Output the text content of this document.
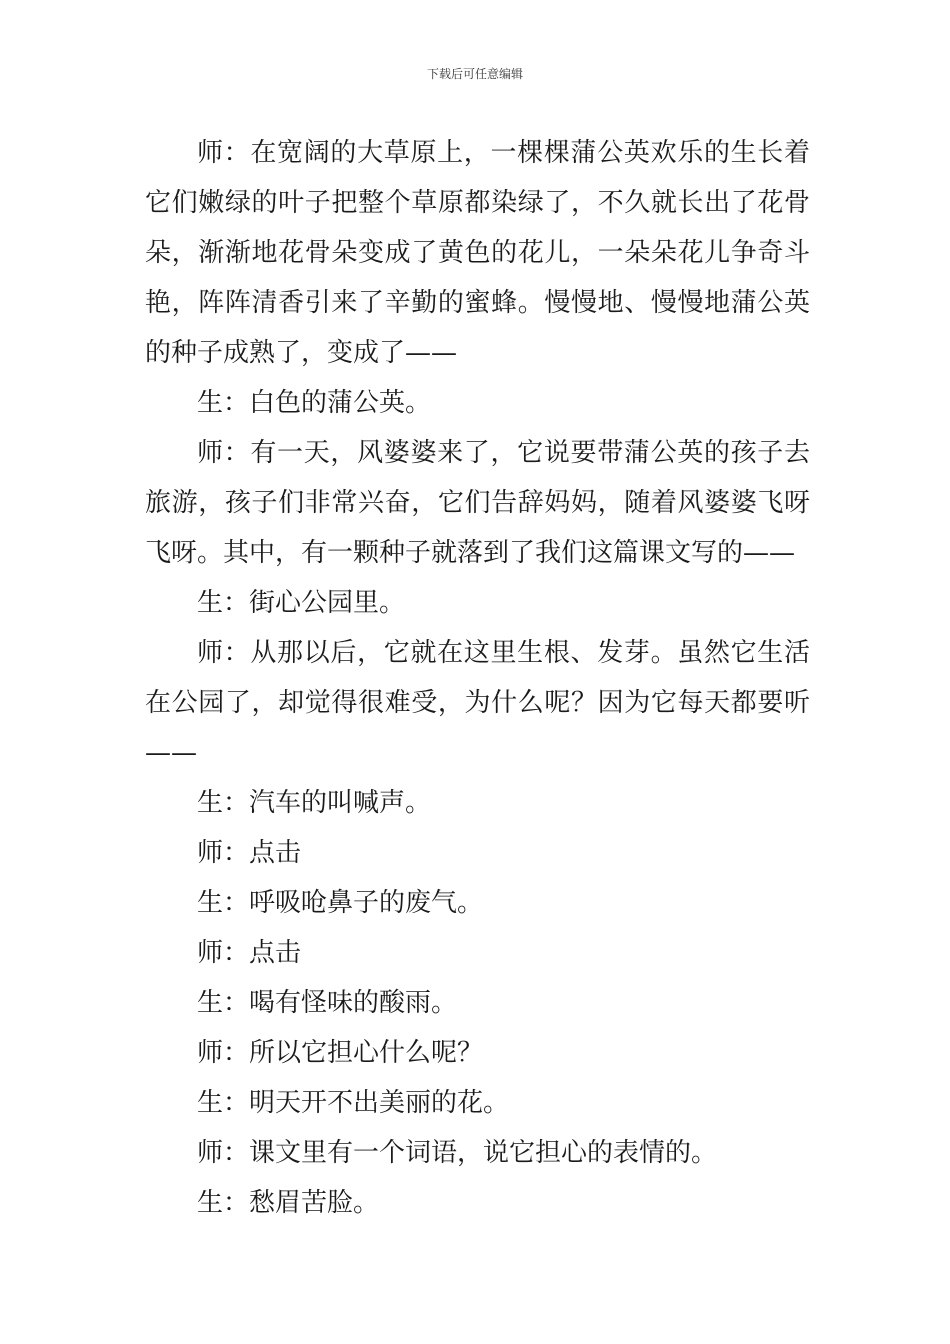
下载后可任意编辑

师：在宽阔的大草原上，一棵棵蒲公英欢乐的生长着它们嫩绿的叶子把整个草原都染绿了，不久就长出了花骨朵，渐渐地花骨朵变成了黄色的花儿，一朵朵花儿争奇斗艳，阵阵清香引来了辛勤的蜜蜂。慢慢地、慢慢地蒲公英的种子成熟了，变成了——

生：白色的蒲公英。

师：有一天，风婆婆来了，它说要带蒲公英的孩子去旅游，孩子们非常兴奋，它们告辞妈妈，随着风婆婆飞呀飞呀。其中，有一颗种子就落到了我们这篇课文写的——

生：街心公园里。

师：从那以后，它就在这里生根、发芽。虽然它生活在公园了，却觉得很难受，为什么呢？因为它每天都要听——

生：汽车的叫喊声。

师：点击

生：呼吸呛鼻子的废气。

师：点击

生：喝有怪味的酸雨。

师：所以它担心什么呢？

生：明天开不出美丽的花。

师：课文里有一个词语，说它担心的表情的。

生：愁眉苦脸。
